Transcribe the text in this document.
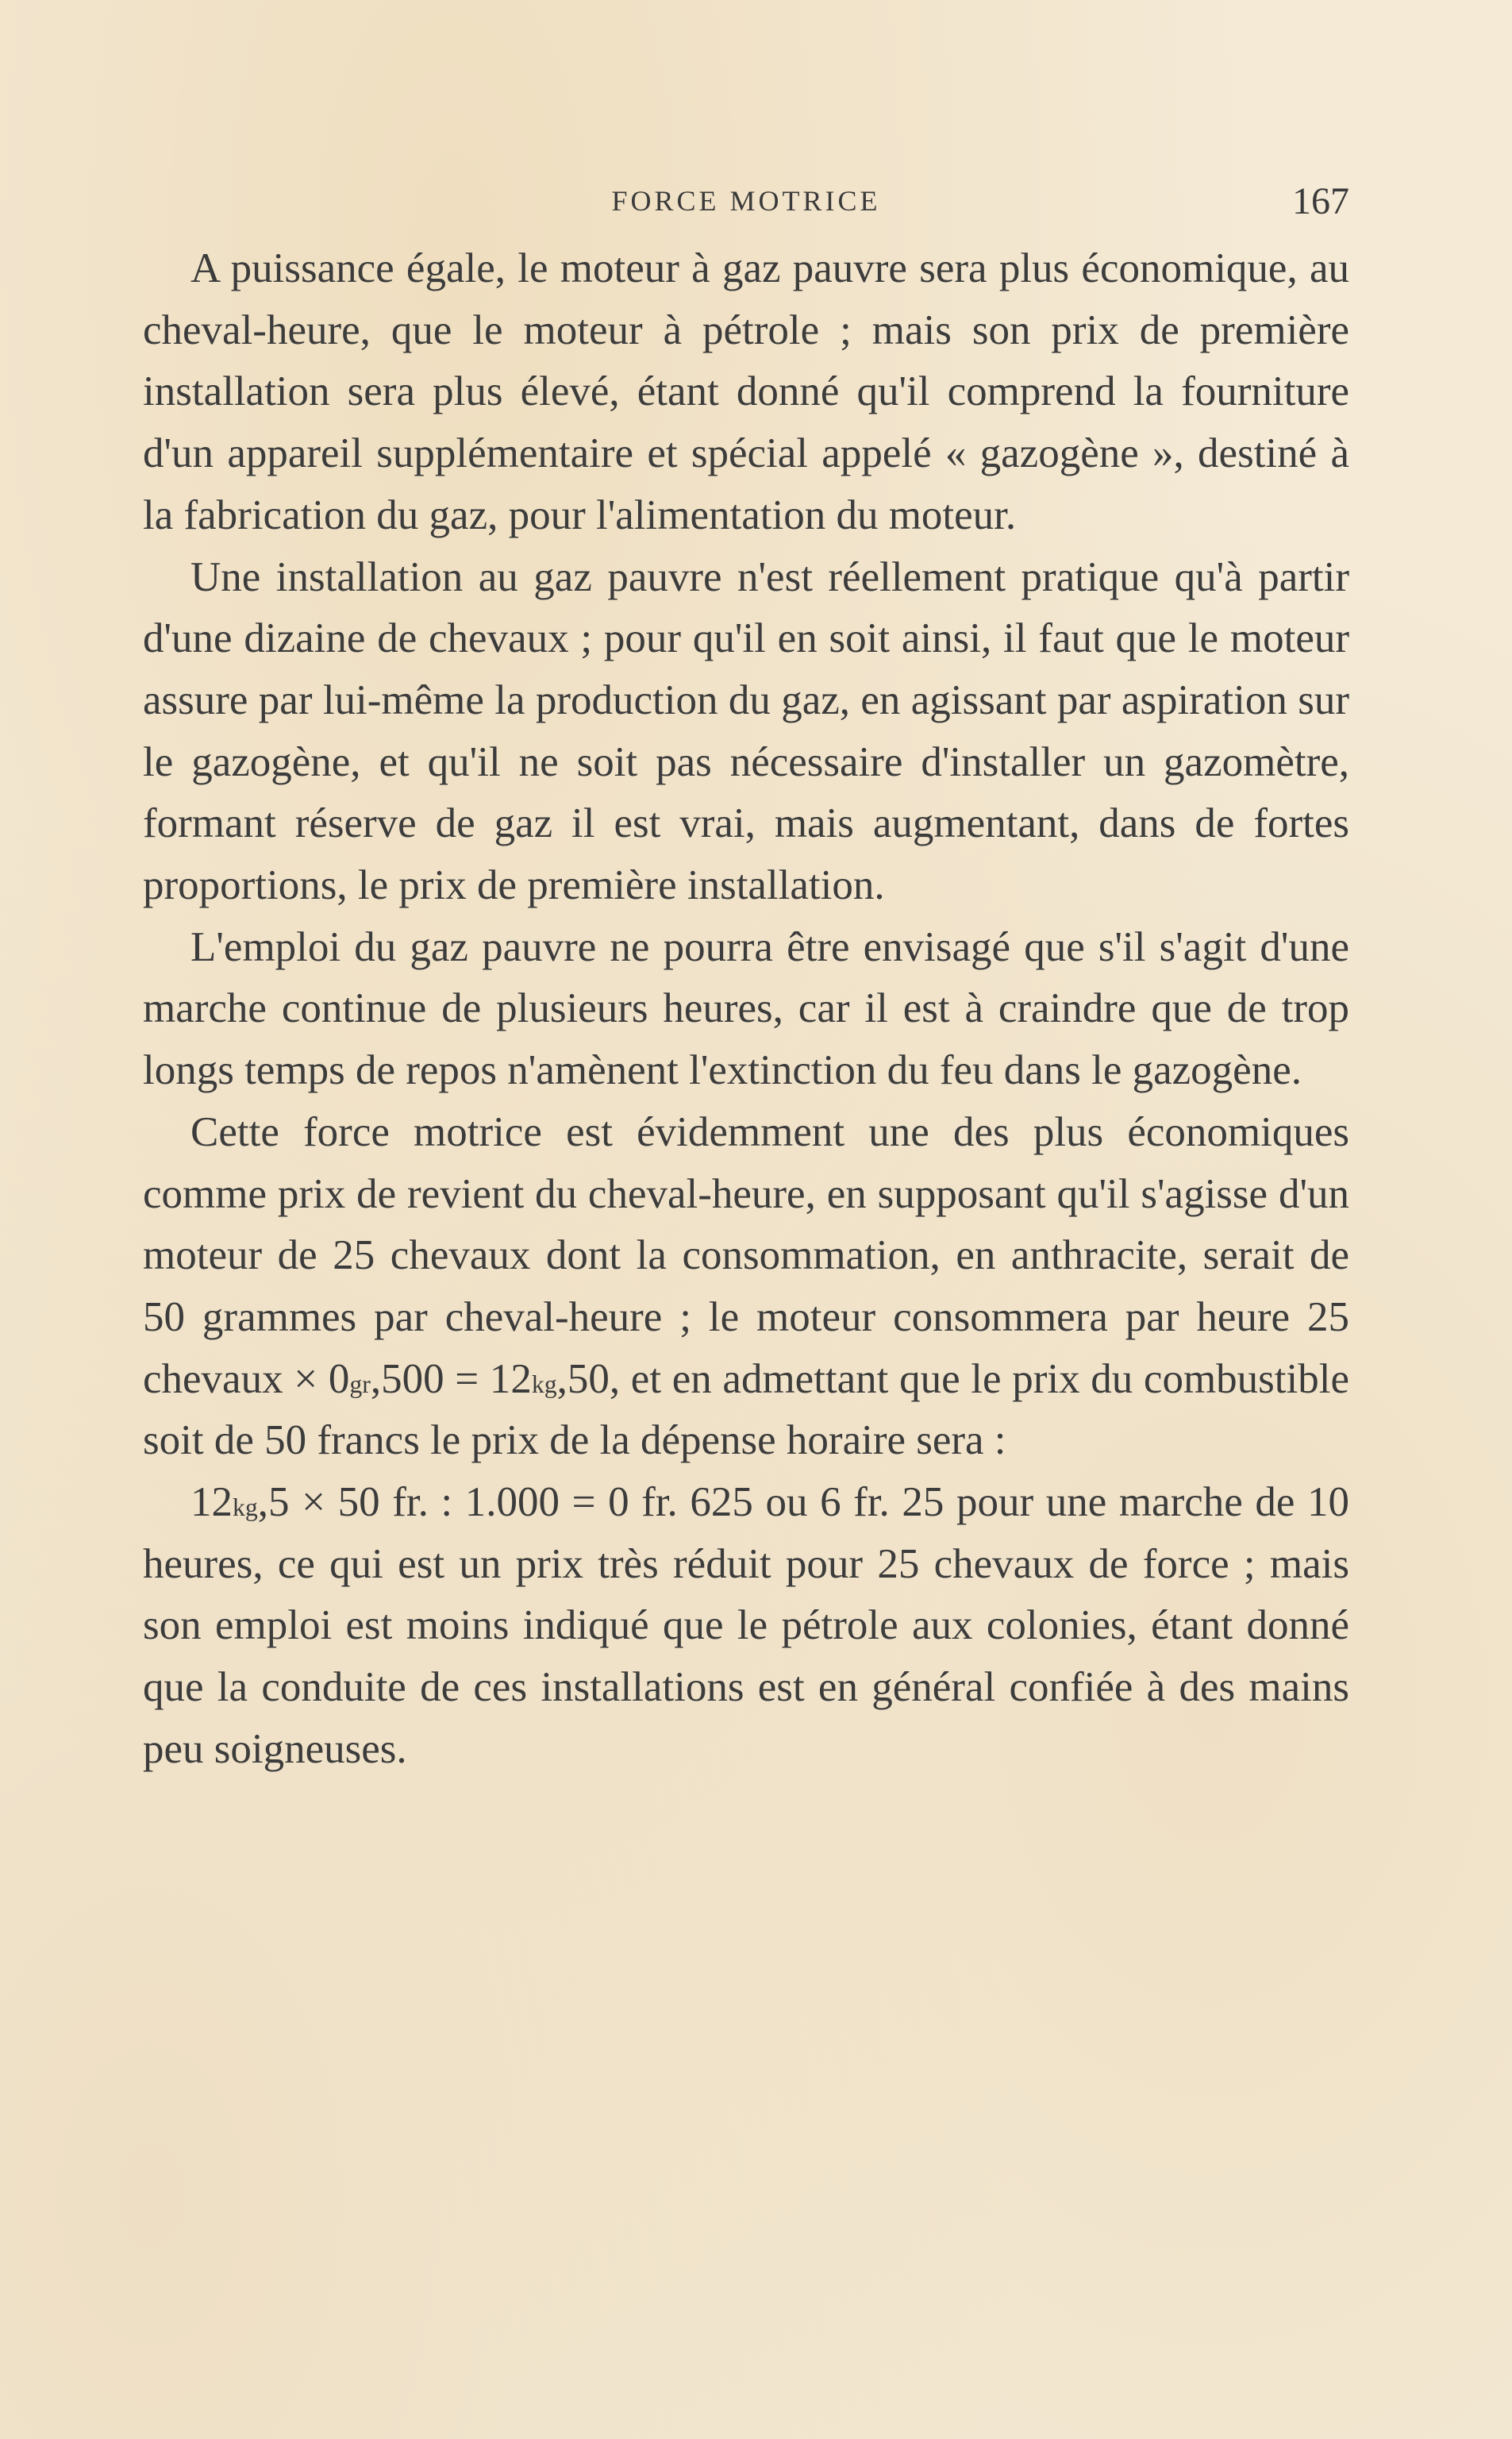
FORCE MOTRICE	167

A puissance égale, le moteur à gaz pauvre sera plus économique, au cheval-heure, que le moteur à pétrole ; mais son prix de première installation sera plus élevé, étant donné qu'il comprend la fourniture d'un appareil supplémentaire et spécial appelé « gazogène », destiné à la fabrication du gaz, pour l'alimentation du moteur.

Une installation au gaz pauvre n'est réellement pratique qu'à partir d'une dizaine de chevaux ; pour qu'il en soit ainsi, il faut que le moteur assure par lui-même la production du gaz, en agissant par aspiration sur le gazogène, et qu'il ne soit pas nécessaire d'installer un gazomètre, formant réserve de gaz il est vrai, mais augmentant, dans de fortes proportions, le prix de première installation.

L'emploi du gaz pauvre ne pourra être envisagé que s'il s'agit d'une marche continue de plusieurs heures, car il est à craindre que de trop longs temps de repos n'amènent l'extinction du feu dans le gazogène.

Cette force motrice est évidemment une des plus économiques comme prix de revient du cheval-heure, en supposant qu'il s'agisse d'un moteur de 25 chevaux dont la consommation, en anthracite, serait de 50 grammes par cheval-heure ; le moteur consommera par heure 25 chevaux × $0^{gr},500 = 12^{kg},50$, et en admettant que le prix du combustible soit de 50 francs le prix de la dépense horaire sera :

$12^{kg},5 \times 50$ fr. : 1.000 = 0 fr. 625 ou 6 fr. 25 pour une marche de 10 heures, ce qui est un prix très réduit pour 25 chevaux de force ; mais son emploi est moins indiqué que le pétrole aux colonies, étant donné que la conduite de ces installations est en général confiée à des mains peu soigneuses.
